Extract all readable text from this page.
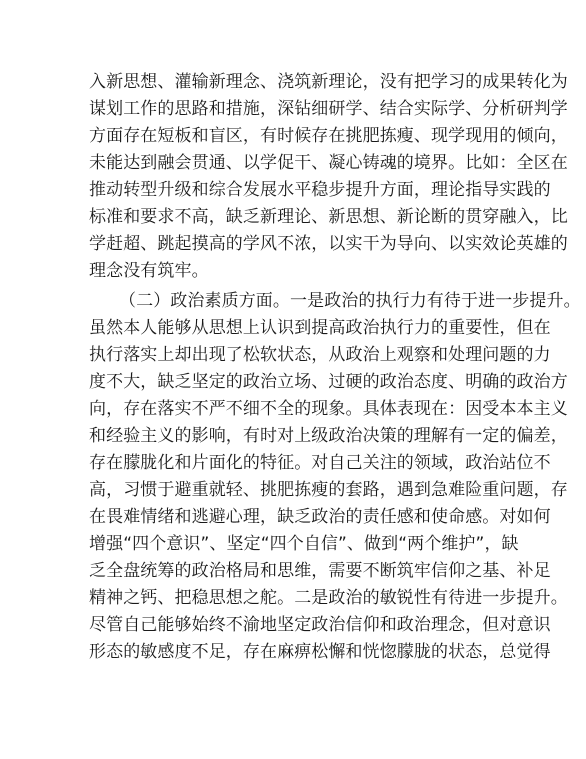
入新思想、灌输新理念、浇筑新理论，没有把学习的成果转化为
谋划工作的思路和措施，深钻细研学、结合实际学、分析研判学
方面存在短板和盲区，有时候存在挑肥拣瘦、现学现用的倾向，
未能达到融会贯通、以学促干、凝心铸魂的境界。比如：全区在
推动转型升级和综合发展水平稳步提升方面，理论指导实践的
标准和要求不高，缺乏新理论、新思想、新论断的贯穿融入，比
学赶超、跳起摸高的学风不浓，以实干为导向、以实效论英雄的
理念没有筑牢。
（二）政治素质方面。一是政治的执行力有待于进一步提升。
虽然本人能够从思想上认识到提高政治执行力的重要性，但在
执行落实上却出现了松软状态，从政治上观察和处理问题的力
度不大，缺乏坚定的政治立场、过硬的政治态度、明确的政治方
向，存在落实不严不细不全的现象。具体表现在：因受本本主义
和经验主义的影响，有时对上级政治决策的理解有一定的偏差，
存在朦胧化和片面化的特征。对自己关注的领域，政治站位不
高，习惯于避重就轻、挑肥拣瘦的套路，遇到急难险重问题，存
在畏难情绪和逃避心理，缺乏政治的责任感和使命感。对如何
增强“四个意识”、坚定“四个自信”、做到“两个维护”，缺
乏全盘统筹的政治格局和思维，需要不断筑牢信仰之基、补足
精神之钙、把稳思想之舵。二是政治的敏锐性有待进一步提升。
尽管自己能够始终不渝地坚定政治信仰和政治理念，但对意识
形态的敏感度不足，存在麻痹松懈和恍惚朦胧的状态，总觉得
